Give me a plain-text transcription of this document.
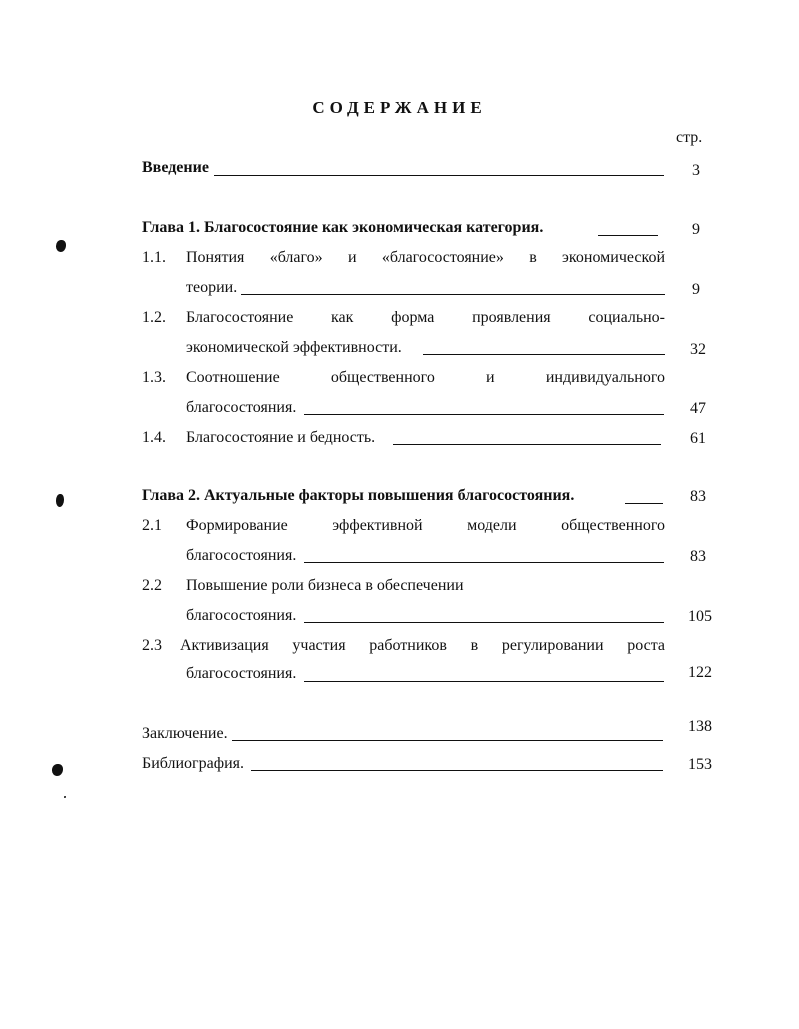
СОДЕРЖАНИЕ
стр.
Введение	3
Глава 1. Благосостояние как экономическая категория.	9
1.1. Понятия «благо» и «благосостояние» в экономической
теории.	9
1.2. Благосостояние как форма проявления социально-
экономической эффективности.	32
1.3. Соотношение общественного и индивидуального
благосостояния.	47
1.4. Благосостояние и бедность.	61
Глава 2. Актуальные факторы повышения благосостояния.	83
2.1 Формирование эффективной модели общественного
благосостояния.	83
2.2 Повышение роли бизнеса в обеспечении
благосостояния.	105
2.3 Активизация участия работников в регулировании роста
благосостояния.	122
Заключение.	138
Библиография.	153
